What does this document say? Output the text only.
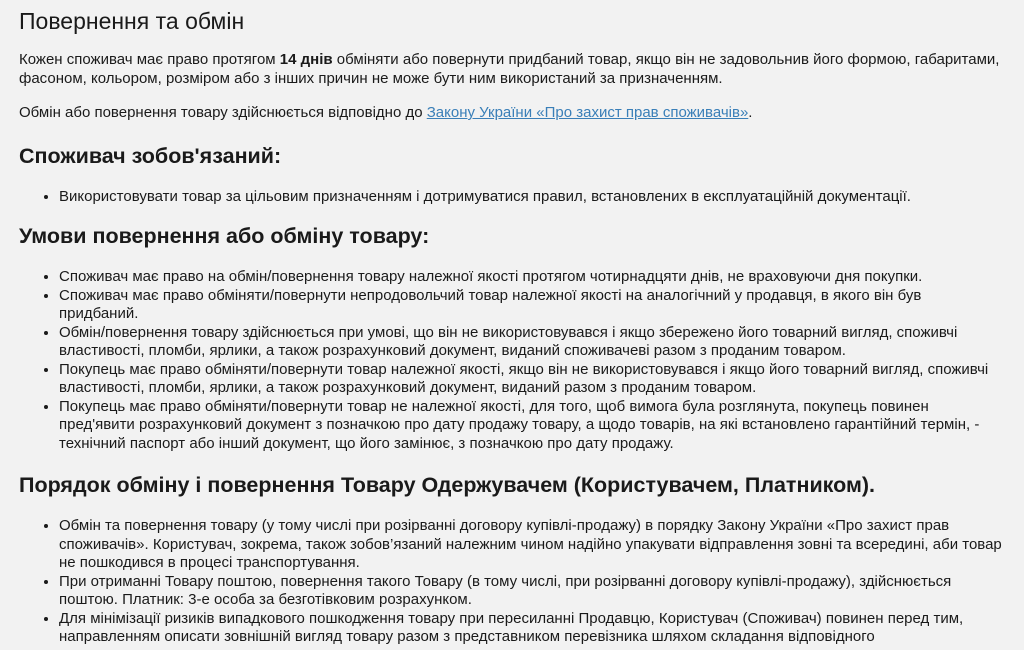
Повернення та обмін

Кожен споживач має право протягом 14 днів обміняти або повернути придбаний товар, якщо він не задовольнив його формою, габаритами, фасоном, кольором, розміром або з інших причин не може бути ним використаний за призначенням.

Обмін або повернення товару здійснюється відповідно до Закону України «Про захист прав споживачів».

Споживач зобов'язаний:
• Використовувати товар за цільовим призначенням і дотримуватися правил, встановлених в експлуатаційній документації.
Умови повернення або обміну товару:
• Споживач має право на обмін/повернення товару належної якості протягом чотирнадцяти днів, не враховуючи дня покупки.
• Споживач має право обміняти/повернути непродовольчий товар належної якості на аналогічний у продавця, в якого він був придбаний.
• Обмін/повернення товару здійснюється при умові, що він не використовувався і якщо збережено його товарний вигляд, споживчі властивості, пломби, ярлики, а також розрахунковий документ, виданий споживачеві разом з проданим товаром.
• Покупець має право обміняти/повернути товар належної якості, якщо він не використовувався і якщо його товарний вигляд, споживчі властивості, пломби, ярлики, а також розрахунковий документ, виданий разом з проданим товаром.
• Покупець має право обміняти/повернути товар не належної якості, для того, щоб вимога була розглянута, покупець повинен пред'явити розрахунковий документ з позначкою про дату продажу товару, а щодо товарів, на які встановлено гарантійний термін, - технічний паспорт або інший документ, що його замінює, з позначкою про дату продажу.
Порядок обміну і повернення Товару Одержувачем (Користувачем, Платником).
• Обмін та повернення товару (у тому числі при розірванні договору купівлі-продажу) в порядку Закону України «Про захист прав споживачів». Користувач, зокрема, також зобов’язаний належним чином надійно упакувати відправлення зовні та всередині, аби товар не пошкодився в процесі транспортування.
• При отриманні Товару поштою, повернення такого Товару (в тому числі, при розірванні договору купівлі-продажу), здійснюється поштою. Платник: 3-е особа за безготівковим розрахунком.
• Для мінімізації ризиків випадкового пошкодження товару при пересиланні Продавцю, Користувач (Споживач) повинен перед тим, направленням описати зовнішній вигляд товару разом з представником перевізника шляхом складання відповідного
